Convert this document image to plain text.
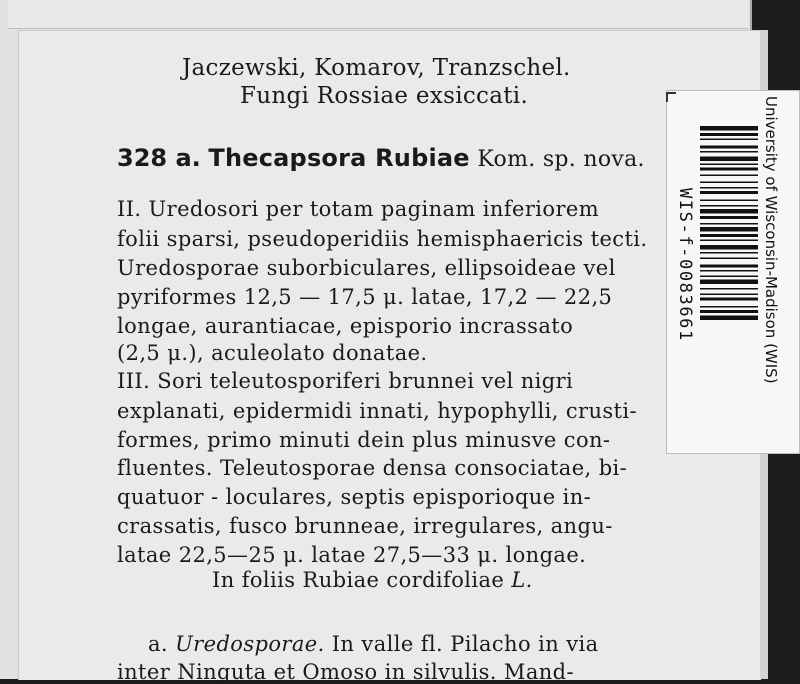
Jaczewski, Komarov, Tranzschel.
Fungi Rossiae exsiccati.
328 a. Thecapsora Rubiae Kom. sp. nova.
II. Uredosori per totam paginam inferiorem
folii sparsi, pseudoperidiis hemisphaericis tecti.
Uredosporae suborbiculares, ellipsoideae vel
pyriformes 12,5 — 17,5 μ. latae, 17,2 — 22,5
longae, aurantiacae, episporio incrassato
(2,5 μ.), aculeolato donatae.
III. Sori teleutosporiferi brunnei vel nigri
explanati, epidermidi innati, hypophylli, crusti-
formes, primo minuti dein plus minusve con-
fluentes. Teleutosporae densa consociatae, bi-
quatuor - loculares, septis episporioque in-
crassatis, fusco brunneae, irregulares, angu-
latae 22,5—25 μ. latae 27,5—33 μ. longae.
In foliis Rubiae cordifoliae L.
a. Uredosporae. In valle fl. Pilacho in via
inter Ninguta et Omoso in silvulis. Mand-
WIS-f-0083661	University of Wisconsin-Madison (WIS)
